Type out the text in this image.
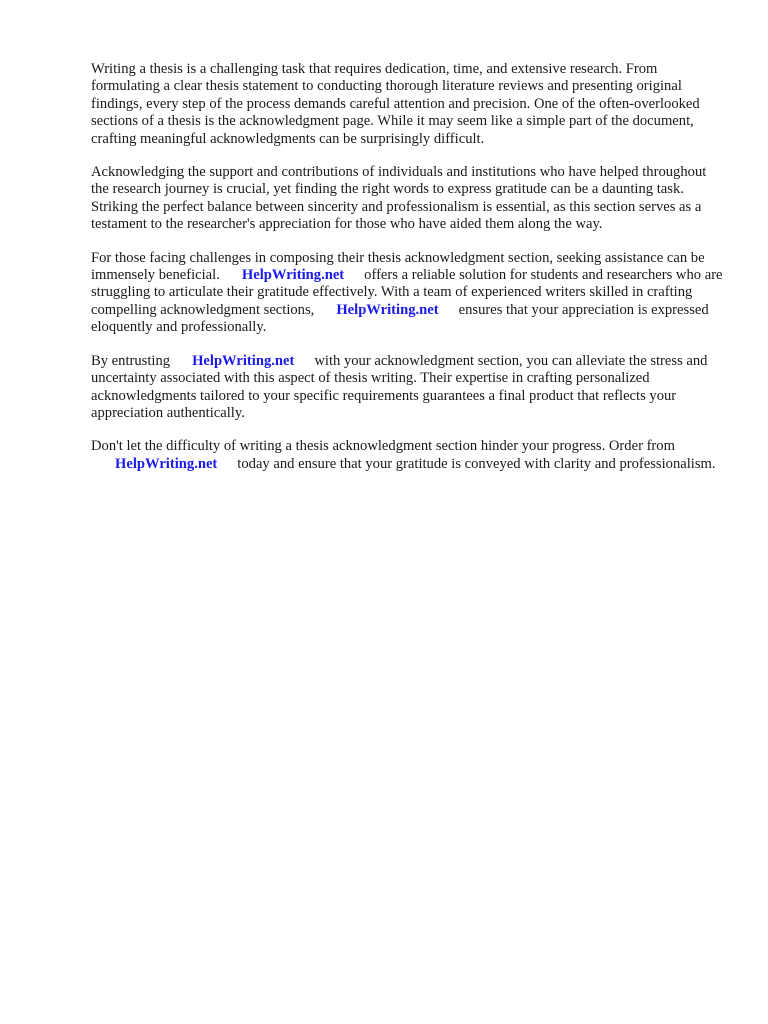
Writing a thesis is a challenging task that requires dedication, time, and extensive research. From formulating a clear thesis statement to conducting thorough literature reviews and presenting original findings, every step of the process demands careful attention and precision. One of the often-overlooked sections of a thesis is the acknowledgment page. While it may seem like a simple part of the document, crafting meaningful acknowledgments can be surprisingly difficult.

Acknowledging the support and contributions of individuals and institutions who have helped throughout the research journey is crucial, yet finding the right words to express gratitude can be a daunting task. Striking the perfect balance between sincerity and professionalism is essential, as this section serves as a testament to the researcher's appreciation for those who have aided them along the way.

For those facing challenges in composing their thesis acknowledgment section, seeking assistance can be immensely beneficial. HelpWriting.net offers a reliable solution for students and researchers who are struggling to articulate their gratitude effectively. With a team of experienced writers skilled in crafting compelling acknowledgment sections, HelpWriting.net ensures that your appreciation is expressed eloquently and professionally.

By entrusting HelpWriting.net with your acknowledgment section, you can alleviate the stress and uncertainty associated with this aspect of thesis writing. Their expertise in crafting personalized acknowledgments tailored to your specific requirements guarantees a final product that reflects your appreciation authentically.

Don't let the difficulty of writing a thesis acknowledgment section hinder your progress. Order from
HelpWriting.net today and ensure that your gratitude is conveyed with clarity and professionalism.
